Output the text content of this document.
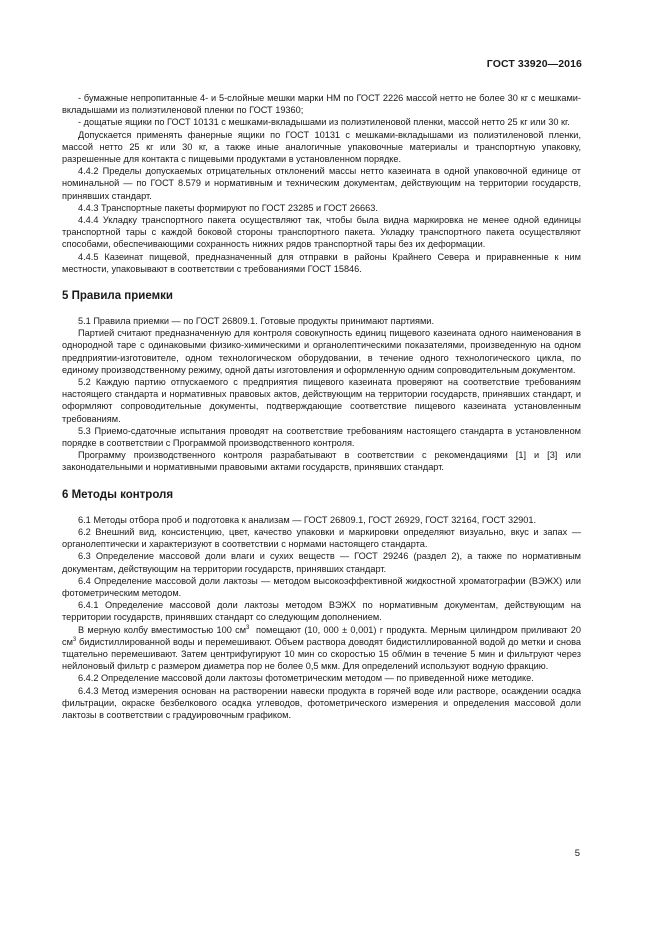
ГОСТ 33920—2016

- бумажные непропитанные 4- и 5-слойные мешки марки НМ по ГОСТ 2226 массой нетто не более 30 кг с мешками-вкладышами из полиэтиленовой пленки по ГОСТ 19360;

- дощатые ящики по ГОСТ 10131 с мешками-вкладышами из полиэтиленовой пленки, массой нетто 25 кг или 30 кг.

Допускается применять фанерные ящики по ГОСТ 10131 с мешками-вкладышами из полиэтиленовой пленки, массой нетто 25 кг или 30 кг, а также иные аналогичные упаковочные материалы и транспортную упаковку, разрешенные для контакта с пищевыми продуктами в установленном порядке.

4.4.2 Пределы допускаемых отрицательных отклонений массы нетто казеината в одной упаковочной единице от номинальной — по ГОСТ 8.579 и нормативным и техническим документам, действующим на территории государств, принявших стандарт.

4.4.3 Транспортные пакеты формируют по ГОСТ 23285 и ГОСТ 26663.

4.4.4 Укладку транспортного пакета осуществляют так, чтобы была видна маркировка не менее одной единицы транспортной тары с каждой боковой стороны транспортного пакета. Укладку транспортного пакета осуществляют способами, обеспечивающими сохранность нижних рядов транспортной тары без их деформации.

4.4.5 Казеинат пищевой, предназначенный для отправки в районы Крайнего Севера и приравненные к ним местности, упаковывают в соответствии с требованиями ГОСТ 15846.

5 Правила приемки

5.1 Правила приемки — по ГОСТ 26809.1. Готовые продукты принимают партиями.

Партией считают предназначенную для контроля совокупность единиц пищевого казеината одного наименования в однородной таре с одинаковыми физико-химическими и органолептическими показателями, произведенную на одном предприятии-изготовителе, одном технологическом оборудовании, в течение одного технологического цикла, по единому производственному режиму, одной даты изготовления и оформленную одним сопроводительным документом.

5.2 Каждую партию отпускаемого с предприятия пищевого казеината проверяют на соответствие требованиям настоящего стандарта и нормативных правовых актов, действующим на территории государств, принявших стандарт, и оформляют сопроводительные документы, подтверждающие соответствие пищевого казеината установленным требованиям.

5.3 Приемо-сдаточные испытания проводят на соответствие требованиям настоящего стандарта в установленном порядке в соответствии с Программой производственного контроля.

Программу производственного контроля разрабатывают в соответствии с рекомендациями [1] и [3] или законодательными и нормативными правовыми актами государств, принявших стандарт.

6 Методы контроля

6.1 Методы отбора проб и подготовка к анализам — ГОСТ 26809.1, ГОСТ 26929, ГОСТ 32164, ГОСТ 32901.

6.2 Внешний вид, консистенцию, цвет, качество упаковки и маркировки определяют визуально, вкус и запах — органолептически и характеризуют в соответствии с нормами настоящего стандарта.

6.3 Определение массовой доли влаги и сухих веществ — ГОСТ 29246 (раздел 2), а также по нормативным документам, действующим на территории государств, принявших стандарт.

6.4 Определение массовой доли лактозы — методом высокоэффективной жидкостной хроматографии (ВЭЖХ) или фотометрическим методом.

6.4.1 Определение массовой доли лактозы методом ВЭЖХ по нормативным документам, действующим на территории государств, принявших стандарт со следующим дополнением.

В мерную колбу вместимостью 100 $см^3$  помещают (10, 000 ± 0,001) г продукта. Мерным цилиндром приливают 20 $см^3$ бидистиллированной воды и перемешивают. Объем раствора доводят бидистиллированной водой до метки и снова тщательно перемешивают. Затем центрифугируют 10 мин со скоростью 15 об/мин в течение 5 мин и фильтруют через нейлоновый фильтр с размером диаметра пор не более 0,5 мкм. Для определений используют водную фракцию.

6.4.2 Определение массовой доли лактозы фотометрическим методом — по приведенной ниже методике.

6.4.3 Метод измерения основан на растворении навески продукта в горячей воде или растворе, осаждении осадка фильтрации, окраске безбелкового осадка углеводов, фотометрического измерения и определения массовой доли лактозы в соответствии с градуировочным графиком.

5
